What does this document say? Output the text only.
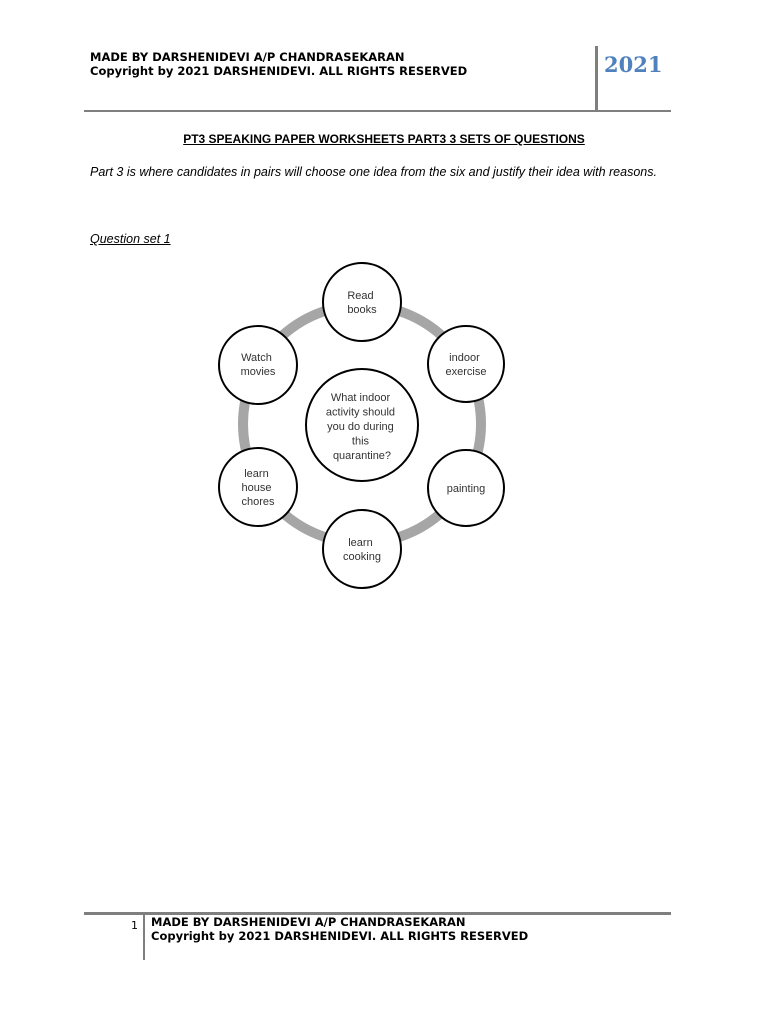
MADE BY DARSHENIDEVI A/P CHANDRASEKARAN
Copyright by 2021 DARSHENIDEVI. ALL RIGHTS RESERVED	2021
PT3 SPEAKING PAPER WORKSHEETS PART3 3 SETS OF QUESTIONS
Part 3 is where candidates in pairs will choose one idea from the six and justify their idea with reasons.
Question set 1
Read books
indoor exercise
painting
learn cooking
learn house chores
Watch movies
What indoor activity should you do during this quarantine?
1 MADE BY DARSHENIDEVI A/P CHANDRASEKARAN
Copyright by 2021 DARSHENIDEVI. ALL RIGHTS RESERVED
